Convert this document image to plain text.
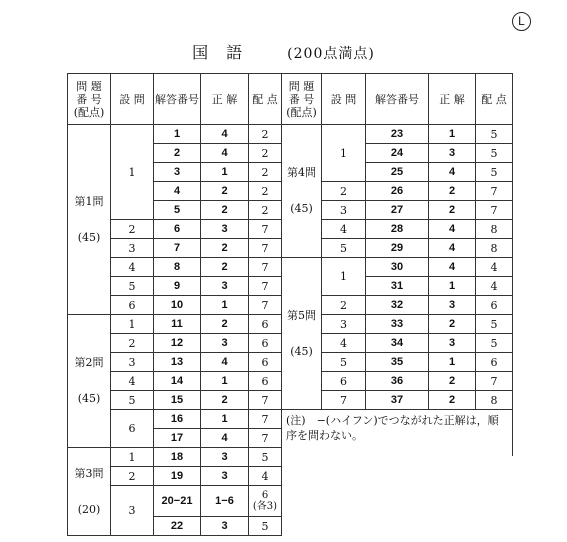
L
国　語	(200点満点)
問 題
番 号
(配点)	設 問	解答番号	正 解	配 点
第1問

(45)	1	1	4	2
		2	4	2
		3	1	2
		4	2	2
		5	2	2
	2	6	3	7
	3	7	2	7
	4	8	2	7
	5	9	3	7
	6	10	1	7
第2問

(45)	1	11	2	6
	2	12	3	6
	3	13	4	6
	4	14	1	6
	5	15	2	7
	6	16	1	7
		17	4	7
第3問

(20)	1	18	3	5
	2	19	3	4
	3	20−21	1−6	6
(各3)
		22	3	5
問 題
番 号
(配点)	設 問	解答番号	正 解	配 点
第4問

(45)	1	23	1	5
		24	3	5
		25	4	5
	2	26	2	7
	3	27	2	7
	4	28	4	8
	5	29	4	8
第5問

(45)	1	30	4	4
		31	1	4
	2	32	3	6
	3	33	2	5
	4	34	3	5
	5	35	1	6
	6	36	2	7
	7	37	2	8
(注)　−(ハイフン)でつながれた正解は，順序を問わない。				
